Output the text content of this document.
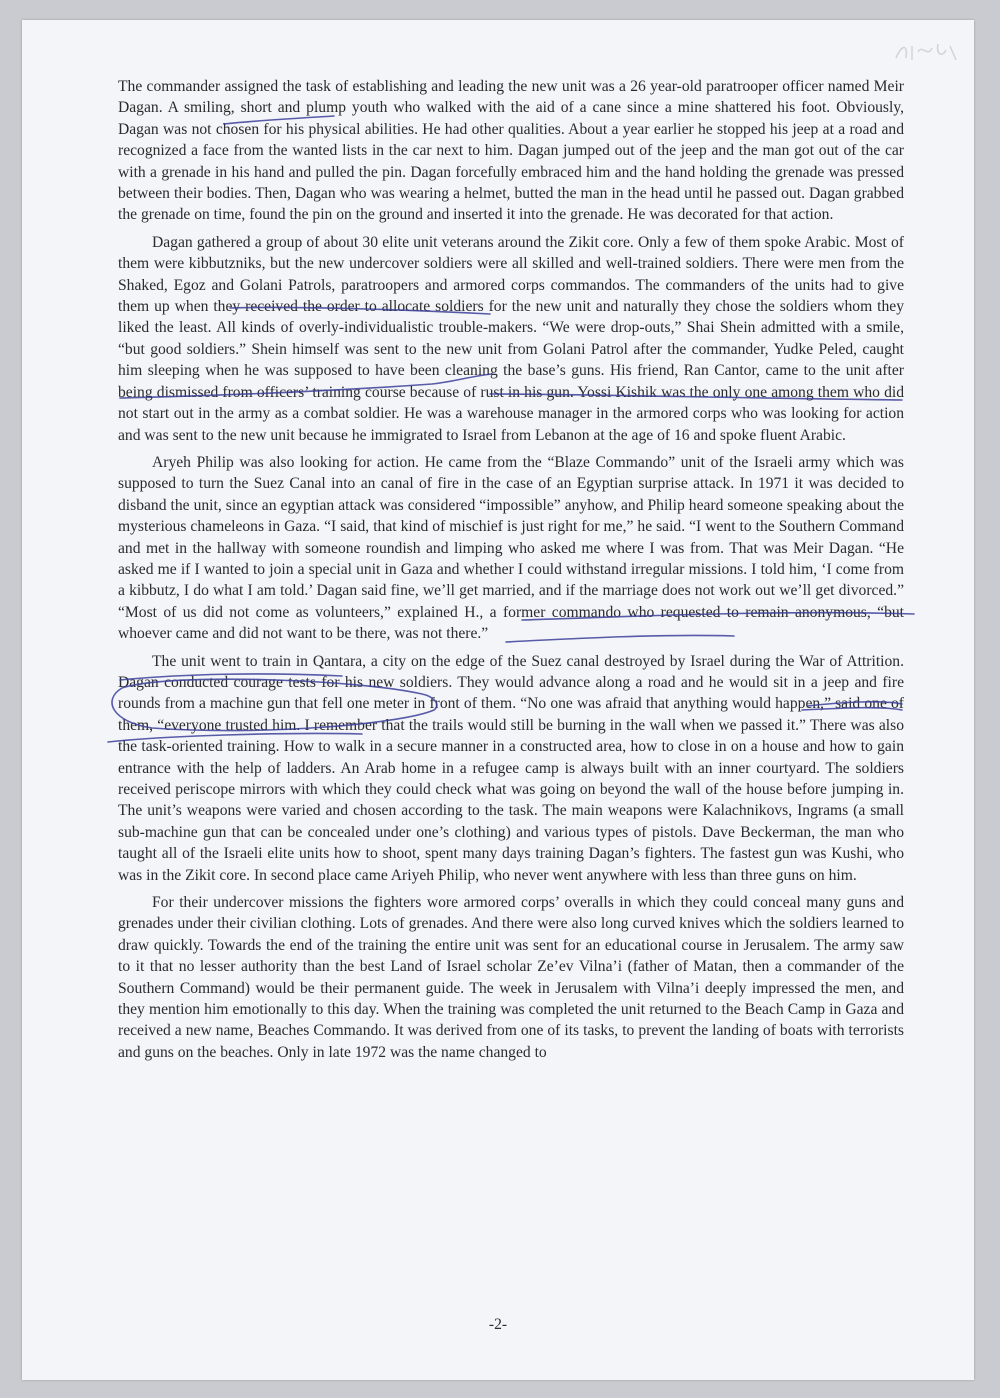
The commander assigned the task of establishing and leading the new unit was a 26 year-old paratrooper officer named Meir Dagan. A smiling, short and plump youth who walked with the aid of a cane since a mine shattered his foot. Obviously, Dagan was not chosen for his physical abilities. He had other qualities. About a year earlier he stopped his jeep at a road and recognized a face from the wanted lists in the car next to him. Dagan jumped out of the jeep and the man got out of the car with a grenade in his hand and pulled the pin. Dagan forcefully embraced him and the hand holding the grenade was pressed between their bodies. Then, Dagan who was wearing a helmet, butted the man in the head until he passed out. Dagan grabbed the grenade on time, found the pin on the ground and inserted it into the grenade. He was decorated for that action.

Dagan gathered a group of about 30 elite unit veterans around the Zikit core. Only a few of them spoke Arabic. Most of them were kibbutzniks, but the new undercover soldiers were all skilled and well-trained soldiers. There were men from the Shaked, Egoz and Golani Patrols, paratroopers and armored corps commandos. The commanders of the units had to give them up when they received the order to allocate soldiers for the new unit and naturally they chose the soldiers whom they liked the least. All kinds of overly-individualistic trouble-makers. “We were drop-outs,” Shai Shein admitted with a smile, “but good soldiers.” Shein himself was sent to the new unit from Golani Patrol after the commander, Yudke Peled, caught him sleeping when he was supposed to have been cleaning the base’s guns. His friend, Ran Cantor, came to the unit after being dismissed from officers’ training course because of rust in his gun. Yossi Kishik was the only one among them who did not start out in the army as a combat soldier. He was a warehouse manager in the armored corps who was looking for action and was sent to the new unit because he immigrated to Israel from Lebanon at the age of 16 and spoke fluent Arabic.

Aryeh Philip was also looking for action. He came from the “Blaze Commando” unit of the Israeli army which was supposed to turn the Suez Canal into an canal of fire in the case of an Egyptian surprise attack. In 1971 it was decided to disband the unit, since an egyptian attack was considered “impossible” anyhow, and Philip heard someone speaking about the mysterious chameleons in Gaza. “I said, that kind of mischief is just right for me,” he said. “I went to the Southern Command and met in the hallway with someone roundish and limping who asked me where I was from. That was Meir Dagan. “He asked me if I wanted to join a special unit in Gaza and whether I could withstand irregular missions. I told him, ‘I come from a kibbutz, I do what I am told.’ Dagan said fine, we’ll get married, and if the marriage does not work out we’ll get divorced.” “Most of us did not come as volunteers,” explained H., a former commando who requested to remain anonymous, “but whoever came and did not want to be there, was not there.”

The unit went to train in Qantara, a city on the edge of the Suez canal destroyed by Israel during the War of Attrition. Dagan conducted courage tests for his new soldiers. They would advance along a road and he would sit in a jeep and fire rounds from a machine gun that fell one meter in front of them. “No one was afraid that anything would happen,” said one of them, “everyone trusted him. I remember that the trails would still be burning in the wall when we passed it.” There was also the task-oriented training. How to walk in a secure manner in a constructed area, how to close in on a house and how to gain entrance with the help of ladders. An Arab home in a refugee camp is always built with an inner courtyard. The soldiers received periscope mirrors with which they could check what was going on beyond the wall of the house before jumping in. The unit’s weapons were varied and chosen according to the task. The main weapons were Kalachnikovs, Ingrams (a small sub-machine gun that can be concealed under one’s clothing) and various types of pistols. Dave Beckerman, the man who taught all of the Israeli elite units how to shoot, spent many days training Dagan’s fighters. The fastest gun was Kushi, who was in the Zikit core. In second place came Ariyeh Philip, who never went anywhere with less than three guns on him.

For their undercover missions the fighters wore armored corps’ overalls in which they could conceal many guns and grenades under their civilian clothing. Lots of grenades. And there were also long curved knives which the soldiers learned to draw quickly. Towards the end of the training the entire unit was sent for an educational course in Jerusalem. The army saw to it that no lesser authority than the best Land of Israel scholar Ze’ev Vilna’i (father of Matan, then a commander of the Southern Command) would be their permanent guide. The week in Jerusalem with Vilna’i deeply impressed the men, and they mention him emotionally to this day. When the training was completed the unit returned to the Beach Camp in Gaza and received a new name, Beaches Commando. It was derived from one of its tasks, to prevent the landing of boats with terrorists and guns on the beaches. Only in late 1972 was the name changed to

-2-
